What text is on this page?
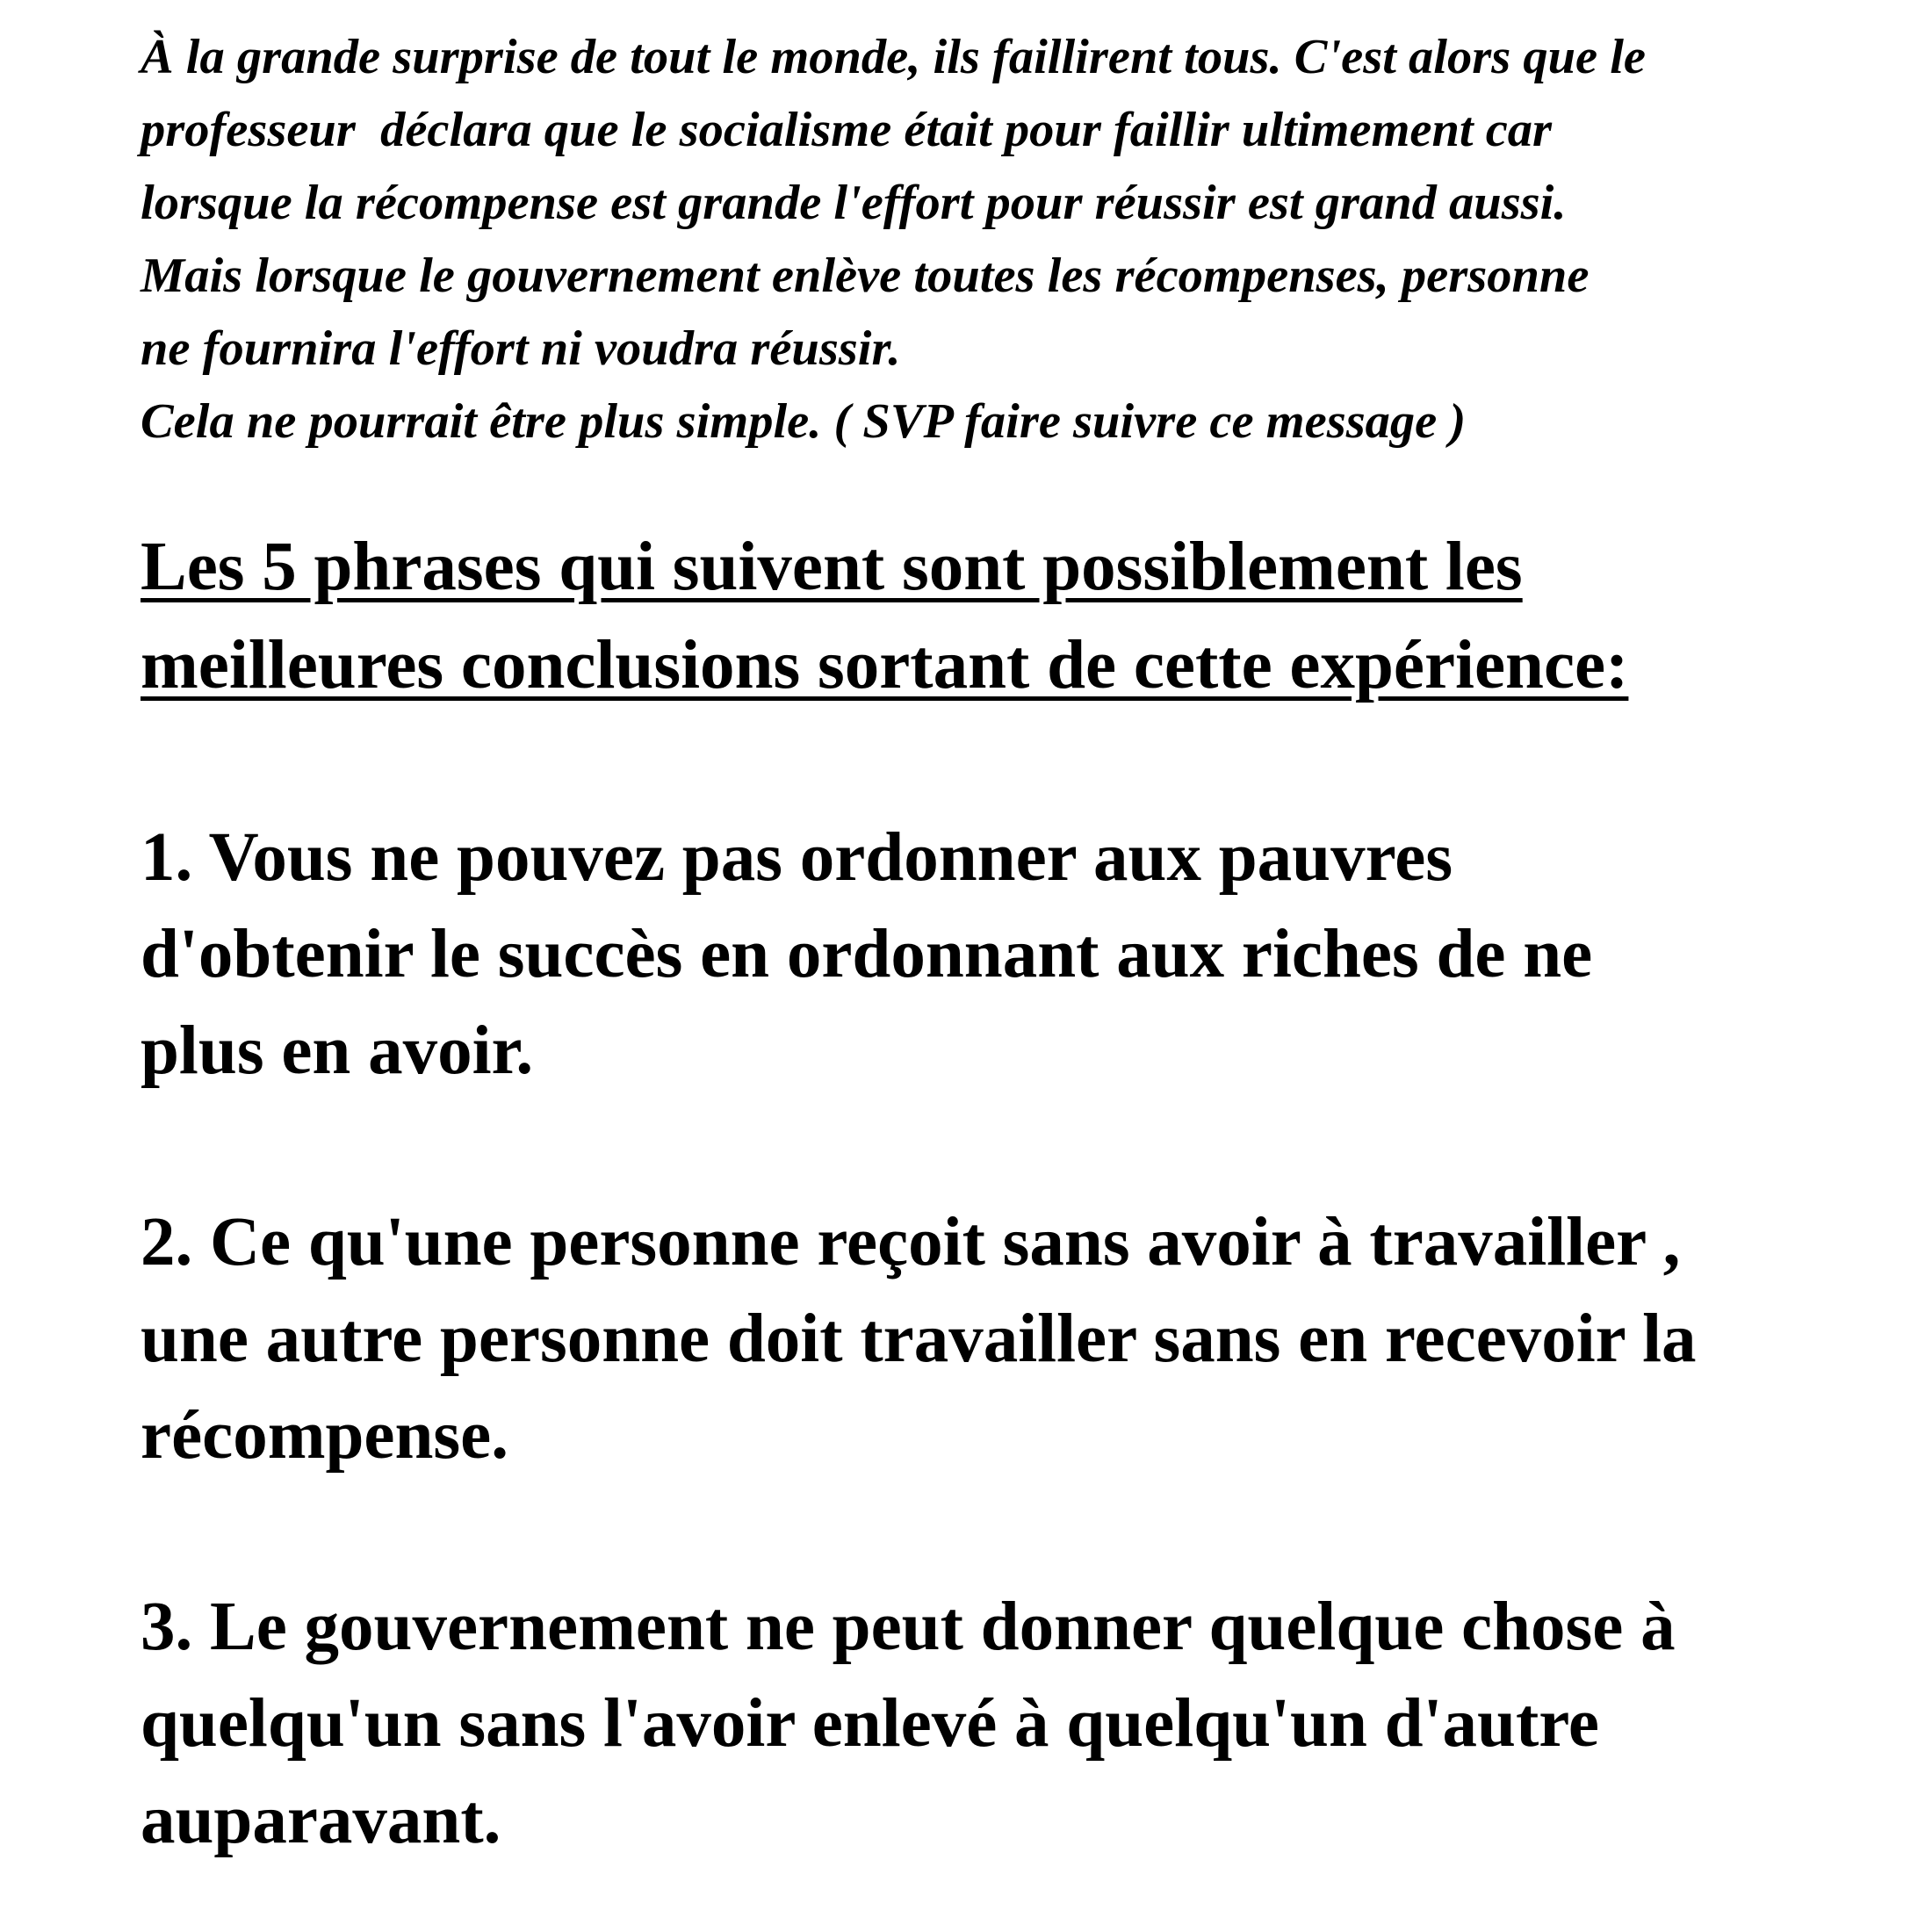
À la grande surprise de tout le monde, ils faillirent tous. C'est alors que le
professeur  déclara que le socialisme était pour faillir ultimement car
lorsque la récompense est grande l'effort pour réussir est grand aussi.
Mais lorsque le gouvernement enlève toutes les récompenses, personne
ne fournira l'effort ni voudra réussir.
Cela ne pourrait être plus simple. ( SVP faire suivre ce message )

Les 5 phrases qui suivent sont possiblement les
meilleures conclusions sortant de cette expérience:
1. Vous ne pouvez pas ordonner aux pauvres
d'obtenir le succès en ordonnant aux riches de ne
plus en avoir.
2. Ce qu'une personne reçoit sans avoir à travailler ,
une autre personne doit travailler sans en recevoir la
récompense.
3. Le gouvernement ne peut donner quelque chose à
quelqu'un sans l'avoir enlevé à quelqu'un d'autre
auparavant.
